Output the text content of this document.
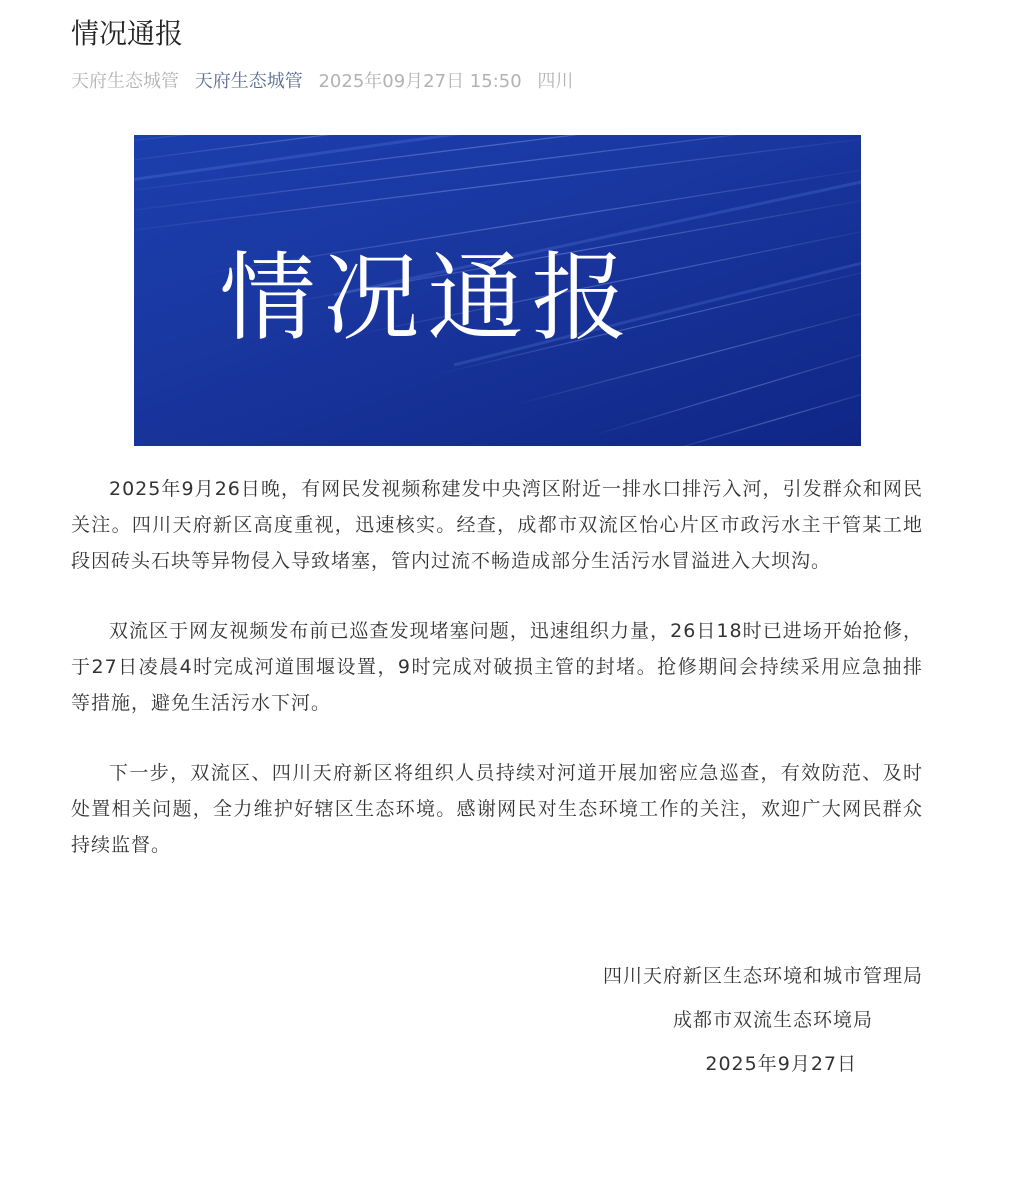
情况通报
天府生态城管 天府生态城管 2025年09月27日 15:50 四川
情况通报

2025年9月26日晚，有网民发视频称建发中央湾区附近一排水口排污入河，引发群众和网民关注。四川天府新区高度重视，迅速核实。经查，成都市双流区怡心片区市政污水主干管某工地段因砖头石块等异物侵入导致堵塞，管内过流不畅造成部分生活污水冒溢进入大坝沟。

双流区于网友视频发布前已巡查发现堵塞问题，迅速组织力量，26日18时已进场开始抢修，于27日凌晨4时完成河道围堰设置，9时完成对破损主管的封堵。抢修期间会持续采用应急抽排等措施，避免生活污水下河。

下一步，双流区、四川天府新区将组织人员持续对河道开展加密应急巡查，有效防范、及时处置相关问题，全力维护好辖区生态环境。感谢网民对生态环境工作的关注，欢迎广大网民群众持续监督。

四川天府新区生态环境和城市管理局
成都市双流生态环境局
2025年9月27日
